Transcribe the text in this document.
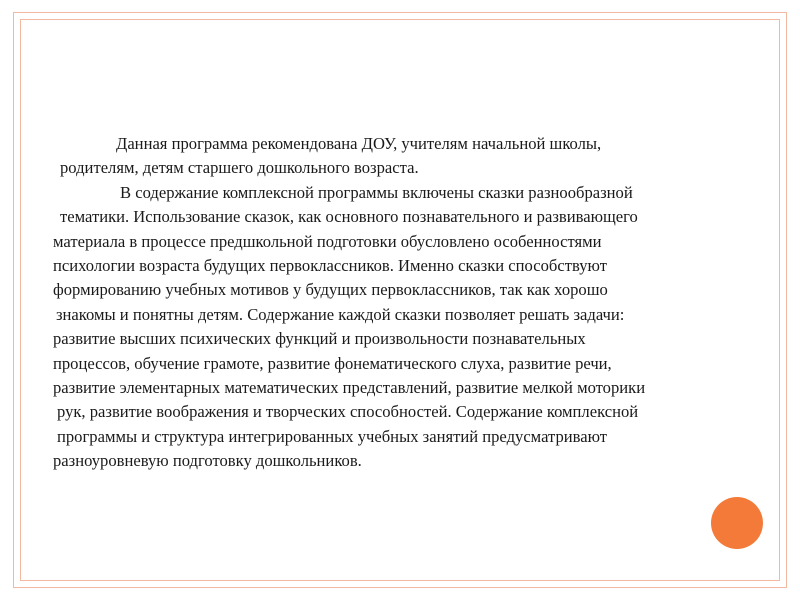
Данная программа рекомендована ДОУ, учителям начальной школы,
родителям, детям старшего дошкольного возраста.
В содержание комплексной программы включены сказки разнообразной
тематики. Использование сказок, как основного познавательного и развивающего
материала в процессе предшкольной подготовки обусловлено особенностями
психологии возраста будущих первоклассников. Именно сказки способствуют
формированию учебных мотивов у будущих первоклассников, так как хорошо
знакомы и понятны детям. Содержание каждой сказки позволяет решать задачи:
развитие высших психических функций и произвольности познавательных
процессов, обучение грамоте, развитие фонематического слуха, развитие речи,
развитие элементарных математических представлений, развитие мелкой моторики
рук, развитие воображения и творческих способностей. Содержание комплексной
программы и структура интегрированных учебных занятий предусматривают
разноуровневую подготовку дошкольников.
